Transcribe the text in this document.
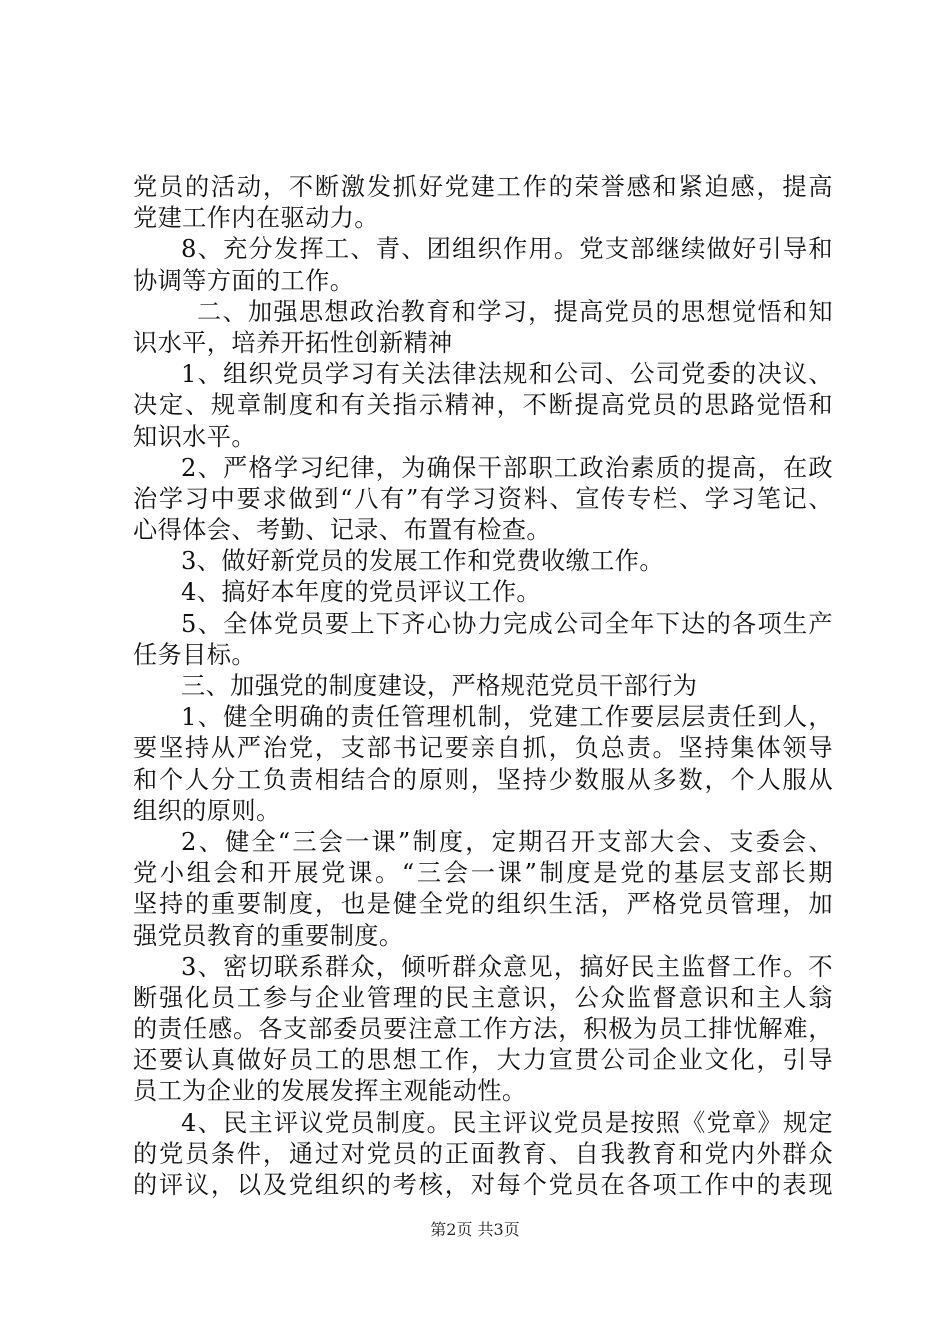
党员的活动，不断激发抓好党建工作的荣誉感和紧迫感，提高
党建工作内在驱动力。
8、充分发挥工、青、团组织作用。党支部继续做好引导和
协调等方面的工作。
二、加强思想政治教育和学习，提高党员的思想觉悟和知
识水平，培养开拓性创新精神
1、组织党员学习有关法律法规和公司、公司党委的决议、
决定、规章制度和有关指示精神，不断提高党员的思路觉悟和
知识水平。
2、严格学习纪律，为确保干部职工政治素质的提高，在政
治学习中要求做到“八有”有学习资料、宣传专栏、学习笔记、
心得体会、考勤、记录、布置有检查。
3、做好新党员的发展工作和党费收缴工作。
4、搞好本年度的党员评议工作。
5、全体党员要上下齐心协力完成公司全年下达的各项生产
任务目标。
三、加强党的制度建设，严格规范党员干部行为
1、健全明确的责任管理机制，党建工作要层层责任到人，
要坚持从严治党，支部书记要亲自抓，负总责。坚持集体领导
和个人分工负责相结合的原则，坚持少数服从多数，个人服从
组织的原则。
2、健全“三会一课”制度，定期召开支部大会、支委会、
党小组会和开展党课。“三会一课”制度是党的基层支部长期
坚持的重要制度，也是健全党的组织生活，严格党员管理，加
强党员教育的重要制度。
3、密切联系群众，倾听群众意见，搞好民主监督工作。不
断强化员工参与企业管理的民主意识，公众监督意识和主人翁
的责任感。各支部委员要注意工作方法，积极为员工排忧解难，
还要认真做好员工的思想工作，大力宣贯公司企业文化，引导
员工为企业的发展发挥主观能动性。
4、民主评议党员制度。民主评议党员是按照《党章》规定
的党员条件，通过对党员的正面教育、自我教育和党内外群众
的评议，以及党组织的考核，对每个党员在各项工作中的表现
第2页 共3页
